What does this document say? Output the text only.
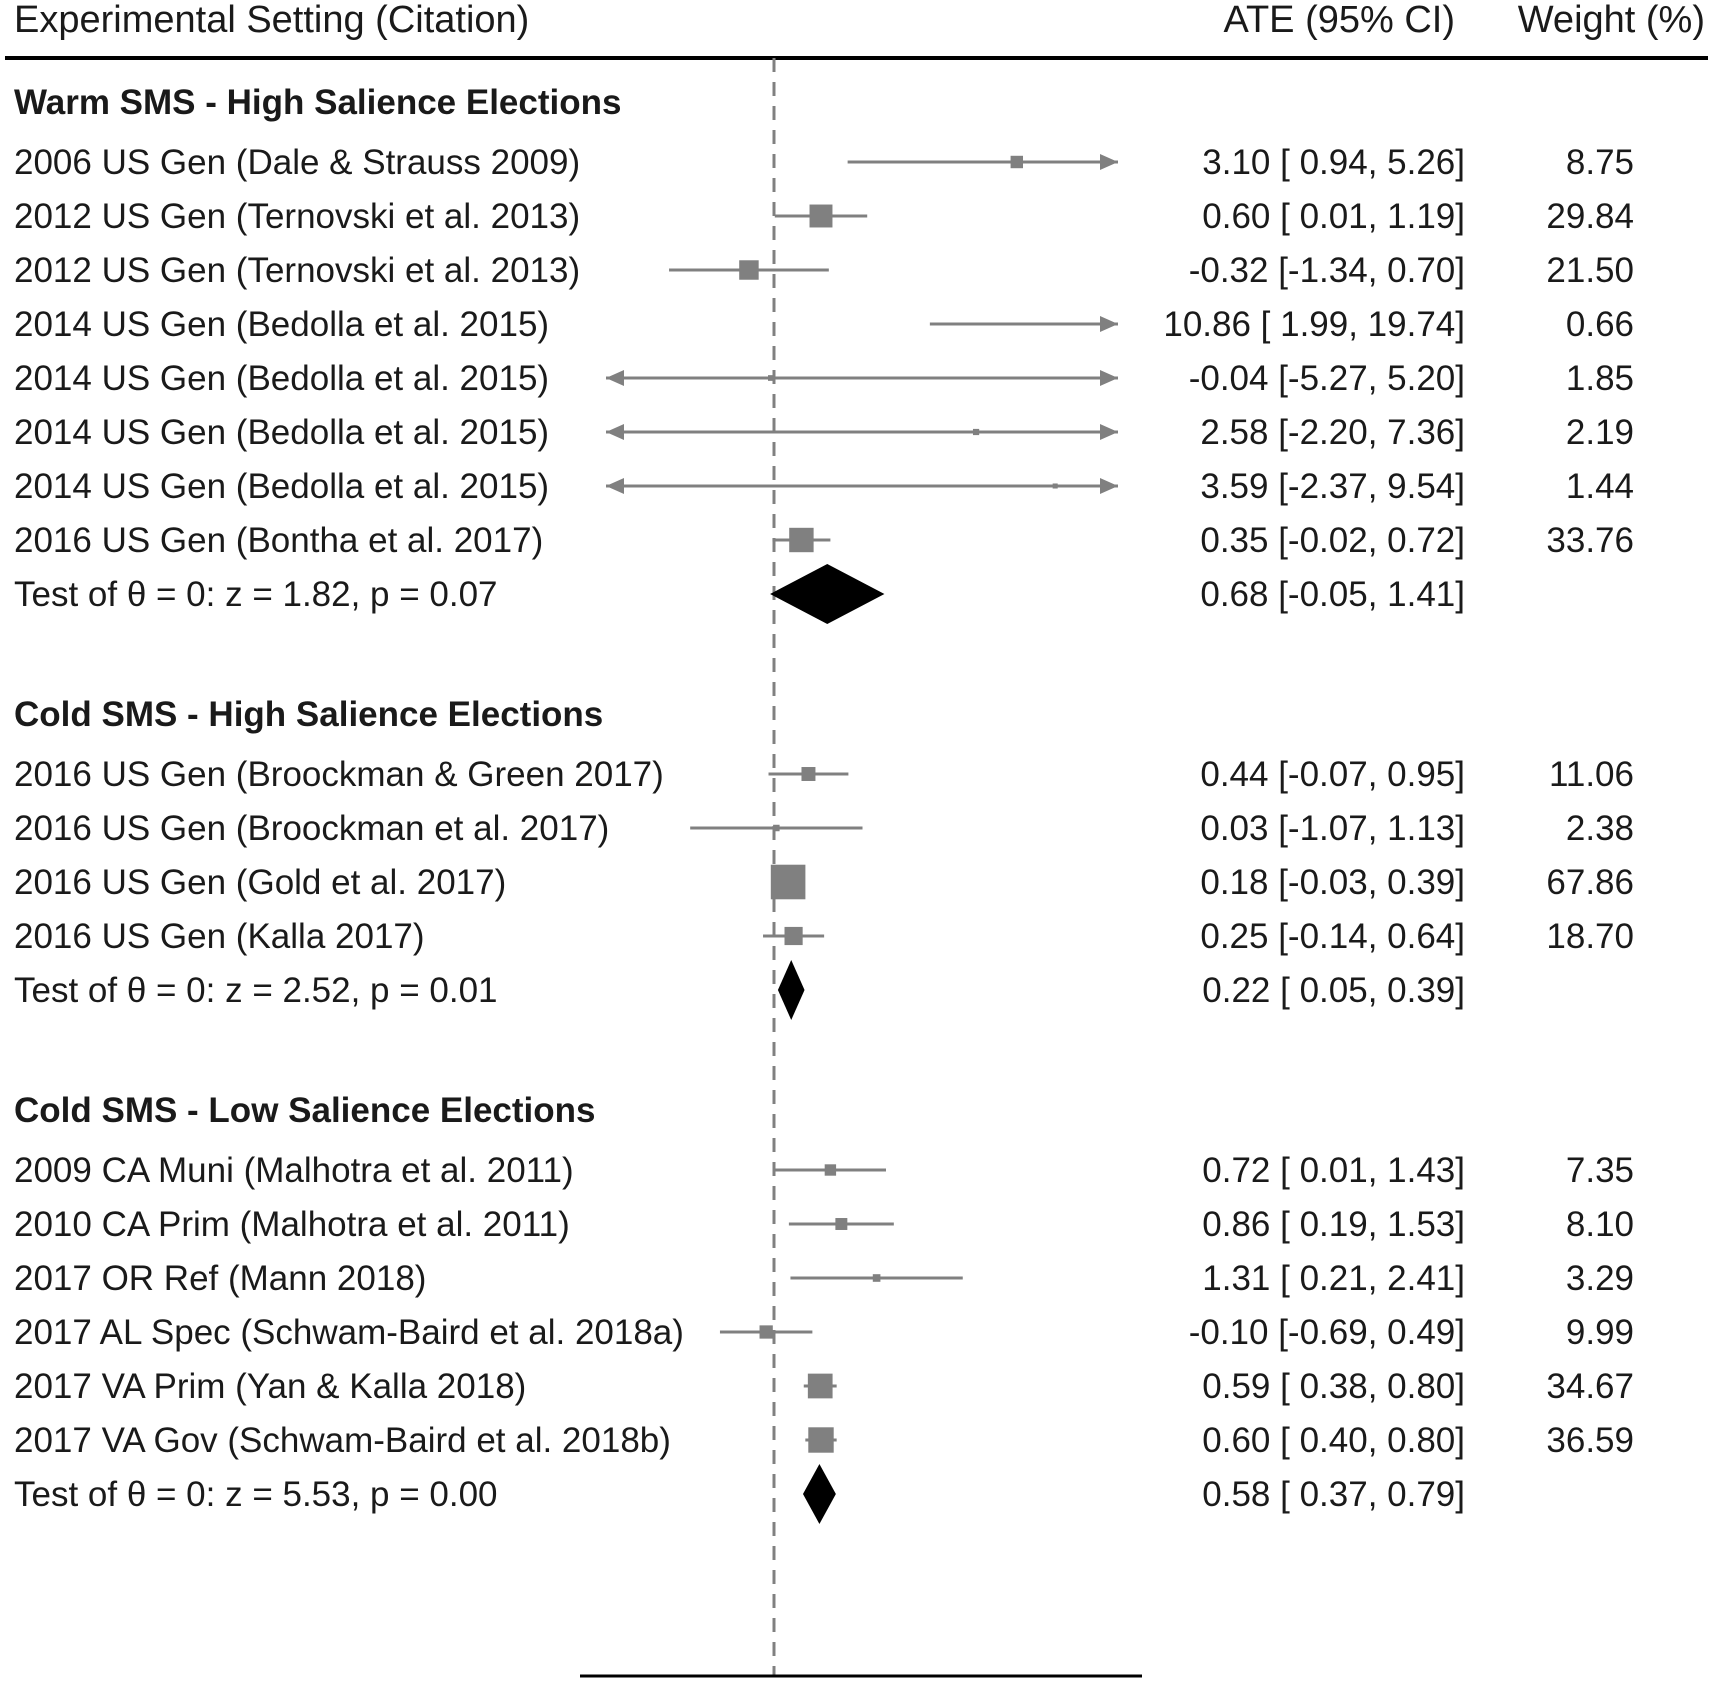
Experimental Setting (Citation)	ATE (95% CI) Weight (%)
Warm SMS - High Salience Elections
2006 US Gen (Dale & Strauss 2009)	3.10 [ 0.94, 5.26]	8.75
2012 US Gen (Ternovski et al. 2013)	0.60 [ 0.01, 1.19] 29.84
2012 US Gen (Ternovski et al. 2013)	-0.32 [-1.34, 0.70] 21.50
2014 US Gen (Bedolla et al. 2015)	10.86 [ 1.99, 19.74]	0.66
2014 US Gen (Bedolla et al. 2015)	-0.04 [-5.27, 5.20]	1.85
2014 US Gen (Bedolla et al. 2015)	2.58 [-2.20, 7.36]	2.19
2014 US Gen (Bedolla et al. 2015)	3.59 [-2.37, 9.54]	1.44
2016 US Gen (Bontha et al. 2017)	0.35 [-0.02, 0.72] 33.76
Test of θ = 0: z = 1.82, p = 0.07	0.68 [-0.05, 1.41]
Cold SMS - High Salience Elections
2016 US Gen (Broockman & Green 2017)	0.44 [-0.07, 0.95] 11.06
2016 US Gen (Broockman et al. 2017)	0.03 [-1.07, 1.13]	2.38
2016 US Gen (Gold et al. 2017)	0.18 [-0.03, 0.39] 67.86
2016 US Gen (Kalla 2017)	0.25 [-0.14, 0.64] 18.70
Test of θ = 0: z = 2.52, p = 0.01	0.22 [ 0.05, 0.39]
Cold SMS - Low Salience Elections
2009 CA Muni (Malhotra et al. 2011)	0.72 [ 0.01, 1.43]	7.35
2010 CA Prim (Malhotra et al. 2011)	0.86 [ 0.19, 1.53]	8.10
2017 OR Ref (Mann 2018)	1.31 [ 0.21, 2.41]	3.29
2017 AL Spec (Schwam-Baird et al. 2018a)	-0.10 [-0.69, 0.49]	9.99
2017 VA Prim (Yan & Kalla 2018)	0.59 [ 0.38, 0.80] 34.67
2017 VA Gov (Schwam-Baird et al. 2018b)	0.60 [ 0.40, 0.80] 36.59
Test of θ = 0: z = 5.53, p = 0.00	0.58 [ 0.37, 0.79]
